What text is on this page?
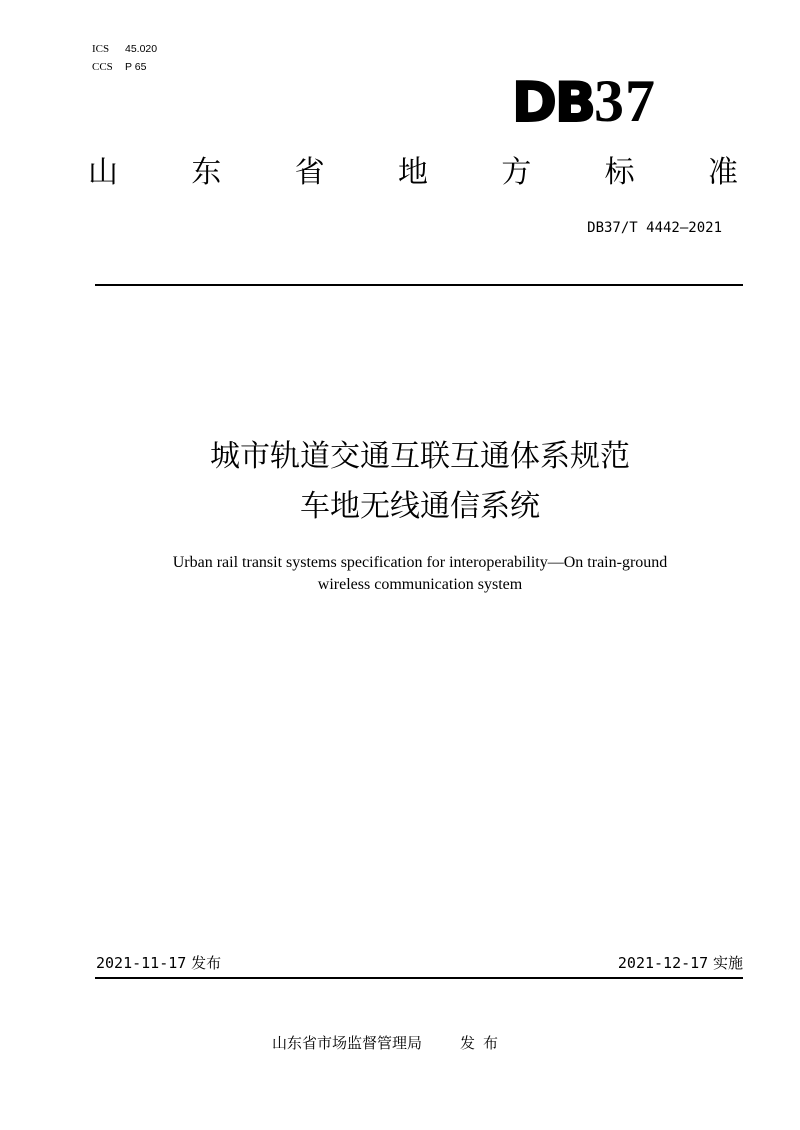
ICS 45.020
CCS P 65
DB37
山 东 省 地 方 标 准
DB37/T 4442—2021
城市轨道交通互联互通体系规范
车地无线通信系统
Urban rail transit systems specification for interoperability—On train-ground
wireless communication system
2021-11-17 发布	2021-12-17 实施
山东省市场监督管理局	发布
